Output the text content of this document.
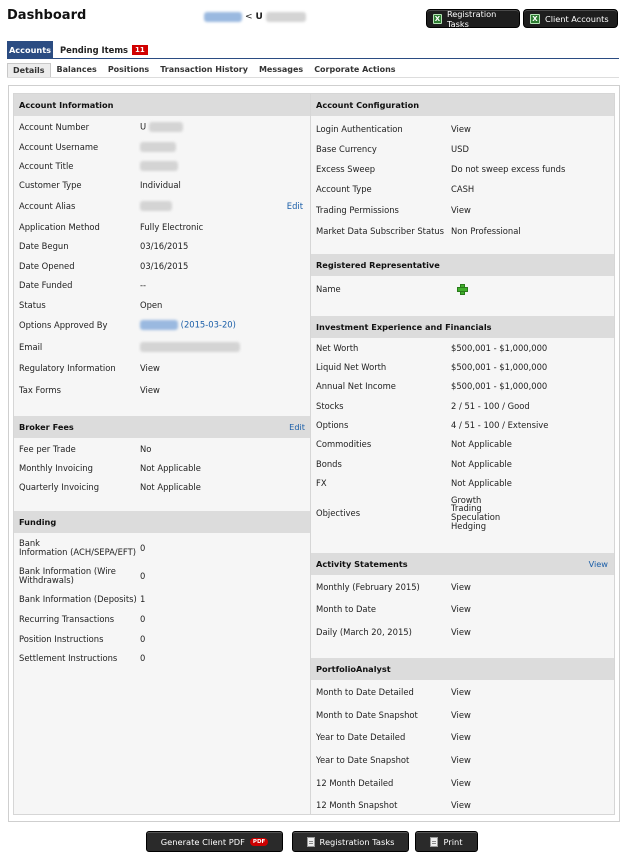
Dashboard	< U	X Registration Tasks	X Client Accounts
Accounts Pending Items	11
Details	Balances	Positions	Transaction History	Messages	Corporate Actions
Account Information
Account Number	U
Account Username
Account Title
Customer Type	Individual
Account Alias	Edit
Application Method	Fully Electronic
Date Begun	03/16/2015
Date Opened	03/16/2015
Date Funded	--
Status	Open
Options Approved By	(2015-03-20)
Email
Regulatory Information	View
Tax Forms	View
Broker Fees	Edit
Fee per Trade	No
Monthly Invoicing	Not Applicable
Quarterly Invoicing	Not Applicable
Funding
Bank
Information (ACH/SEPA/EFT) 0
Bank Information (Wire
Withdrawals)	0
Bank Information (Deposits) 1
Recurring Transactions	0
Position Instructions	0
Settlement Instructions	0
Account Configuration
Login Authentication	View
Base Currency	USD
Excess Sweep	Do not sweep excess funds
Account Type	CASH
Trading Permissions	View
Market Data Subscriber Status Non Professional
Registered Representative
Name
Investment Experience and Financials
Net Worth	$500,001 - $1,000,000
Liquid Net Worth	$500,001 - $1,000,000
Annual Net Income	$500,001 - $1,000,000
Stocks	2 / 51 - 100 / Good
Options	4 / 51 - 100 / Extensive
Commodities	Not Applicable
Bonds	Not Applicable
FX	Not Applicable
Objectives
Growth
Trading
Speculation
Hedging
Activity Statements	View
Monthly (February 2015)	View
Month to Date	View
Daily (March 20, 2015)	View
PortfolioAnalyst
Month to Date Detailed	View
Month to Date Snapshot	View
Year to Date Detailed	View
Year to Date Snapshot	View
12 Month Detailed	View
12 Month Snapshot	View
Generate Client PDF	PDF	Registration Tasks	Print
